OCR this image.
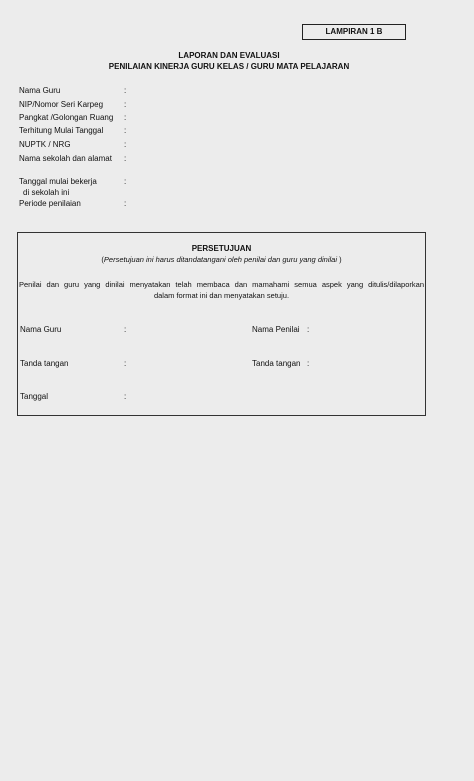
LAMPIRAN 1 B
LAPORAN DAN EVALUASI
PENILAIAN KINERJA GURU KELAS / GURU MATA PELAJARAN
Nama Guru	:
NIP/Nomor Seri Karpeg	:
Pangkat /Golongan Ruang :
Terhitung Mulai Tanggal	:
NUPTK / NRG	:
Nama sekolah dan alamat :
Tanggal mulai bekerja	:
di sekolah ini
Periode penilaian	:
PERSETUJUAN
(Persetujuan ini harus ditandatangani oleh penilai dan guru yang dinilai )
Penilai dan guru yang dinilai menyatakan telah membaca dan mamahami semua aspek yang ditulis/dilaporkan
dalam format ini dan menyatakan setuju.
Nama Guru	:	Nama Penilai :
Tanda tangan	:	Tanda tangan :
Tanggal	:
